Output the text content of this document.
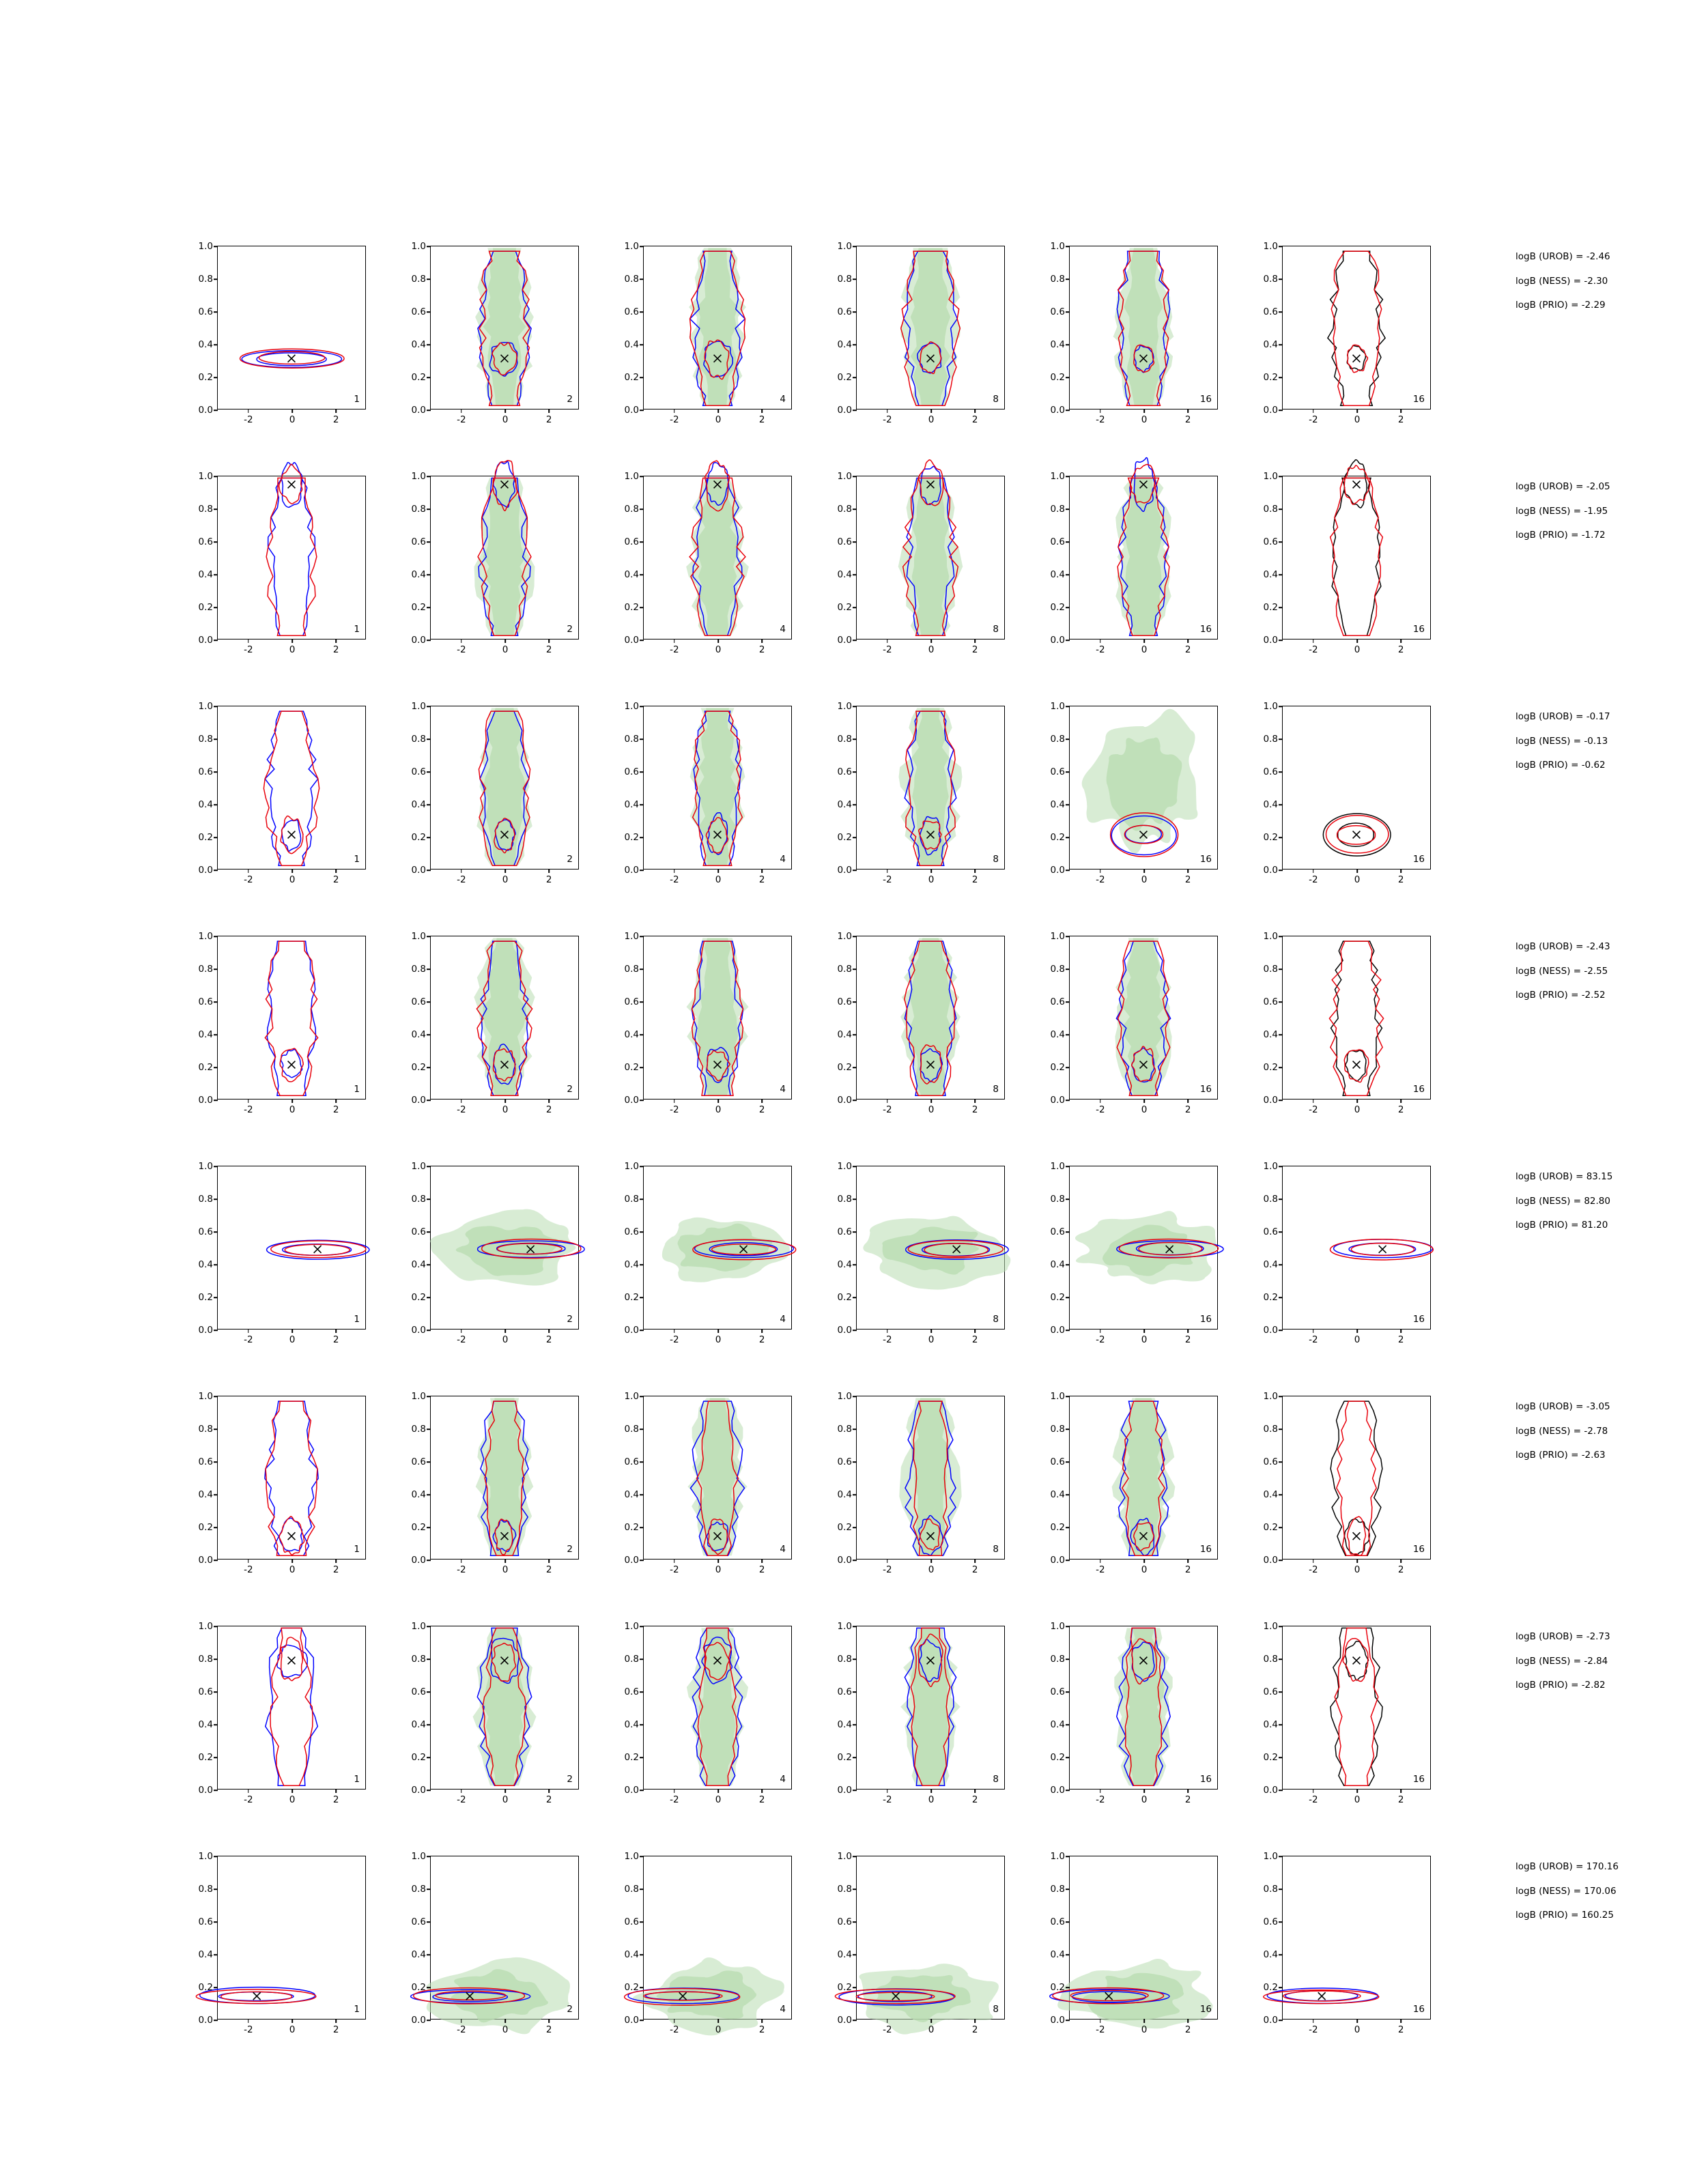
0.0
0.2
0.4
0.6
0.8
1.0
-2	0	2
1
0.0
0.2
0.4
0.6
0.8
1.0
-2	0	2
2
0.0
0.2
0.4
0.6
0.8
1.0
-2	0	2
4
0.0
0.2
0.4
0.6
0.8
1.0
-2	0	2
8
0.0
0.2
0.4
0.6
0.8
1.0
-2	0	2
16
0.0
0.2
0.4
0.6
0.8
1.0
-2	0	2
16
0.0
0.2
0.4
0.6
0.8
1.0
-2	0	2
1
0.0
0.2
0.4
0.6
0.8
1.0
-2	0	2
2
0.0
0.2
0.4
0.6
0.8
1.0
-2	0	2
4
0.0
0.2
0.4
0.6
0.8
1.0
-2	0	2
8
0.0
0.2
0.4
0.6
0.8
1.0
-2	0	2
16
0.0
0.2
0.4
0.6
0.8
1.0
-2	0	2
16
0.0
0.2
0.4
0.6
0.8
1.0
-2	0	2
1
0.0
0.2
0.4
0.6
0.8
1.0
-2	0	2
2
0.0
0.2
0.4
0.6
0.8
1.0
-2	0	2
4
0.0
0.2
0.4
0.6
0.8
1.0
-2	0	2
8
0.0
0.2
0.4
0.6
0.8
1.0
-2	0	2
16
0.0
0.2
0.4
0.6
0.8
1.0
-2	0	2
16
0.0
0.2
0.4
0.6
0.8
1.0
-2	0	2
1
0.0
0.2
0.4
0.6
0.8
1.0
-2	0	2
2
0.0
0.2
0.4
0.6
0.8
1.0
-2	0	2
4
0.0
0.2
0.4
0.6
0.8
1.0
-2	0	2
8
0.0
0.2
0.4
0.6
0.8
1.0
-2	0	2
16
0.0
0.2
0.4
0.6
0.8
1.0
-2	0	2
16
0.0
0.2
0.4
0.6
0.8
1.0
-2	0	2
1
0.0
0.2
0.4
0.6
0.8
1.0
-2	0	2
2
0.0
0.2
0.4
0.6
0.8
1.0
-2	0	2
4
0.0
0.2
0.4
0.6
0.8
1.0
-2	0	2
8
0.0
0.2
0.4
0.6
0.8
1.0
-2	0	2
16
0.0
0.2
0.4
0.6
0.8
1.0
-2	0	2
16
0.0
0.2
0.4
0.6
0.8
1.0
-2	0	2
1
0.0
0.2
0.4
0.6
0.8
1.0
-2	0	2
2
0.0
0.2
0.4
0.6
0.8
1.0
-2	0	2
4
0.0
0.2
0.4
0.6
0.8
1.0
-2	0	2
8
0.0
0.2
0.4
0.6
0.8
1.0
-2	0	2
16
0.0
0.2
0.4
0.6
0.8
1.0
-2	0	2
16
0.0
0.2
0.4
0.6
0.8
1.0
-2	0	2
1
0.0
0.2
0.4
0.6
0.8
1.0
-2	0	2
2
0.0
0.2
0.4
0.6
0.8
1.0
-2	0	2
4
0.0
0.2
0.4
0.6
0.8
1.0
-2	0	2
8
0.0
0.2
0.4
0.6
0.8
1.0
-2	0	2
16
0.0
0.2
0.4
0.6
0.8
1.0
-2	0	2
16
0.0
0.2
0.4
0.6
0.8
1.0
-2	0	2
1
0.0
0.2
0.4
0.6
0.8
1.0
-2	0	2
2
0.0
0.2
0.4
0.6
0.8
1.0
-2	0	2
4
0.0
0.2
0.4
0.6
0.8
1.0
-2	0	2
8
0.0
0.2
0.4
0.6
0.8
1.0
-2	0	2
16
0.0
0.2
0.4
0.6
0.8
1.0
-2	0	2
16
logB (UROB) = -2.46
logB (NESS) = -2.30
logB (PRIO) = -2.29
logB (UROB) = -2.05
logB (NESS) = -1.95
logB (PRIO) = -1.72
logB (UROB) = -0.17
logB (NESS) = -0.13
logB (PRIO) = -0.62
logB (UROB) = -2.43
logB (NESS) = -2.55
logB (PRIO) = -2.52
logB (UROB) = 83.15
logB (NESS) = 82.80
logB (PRIO) = 81.20
logB (UROB) = -3.05
logB (NESS) = -2.78
logB (PRIO) = -2.63
logB (UROB) = -2.73
logB (NESS) = -2.84
logB (PRIO) = -2.82
logB (UROB) = 170.16
logB (NESS) = 170.06
logB (PRIO) = 160.25
